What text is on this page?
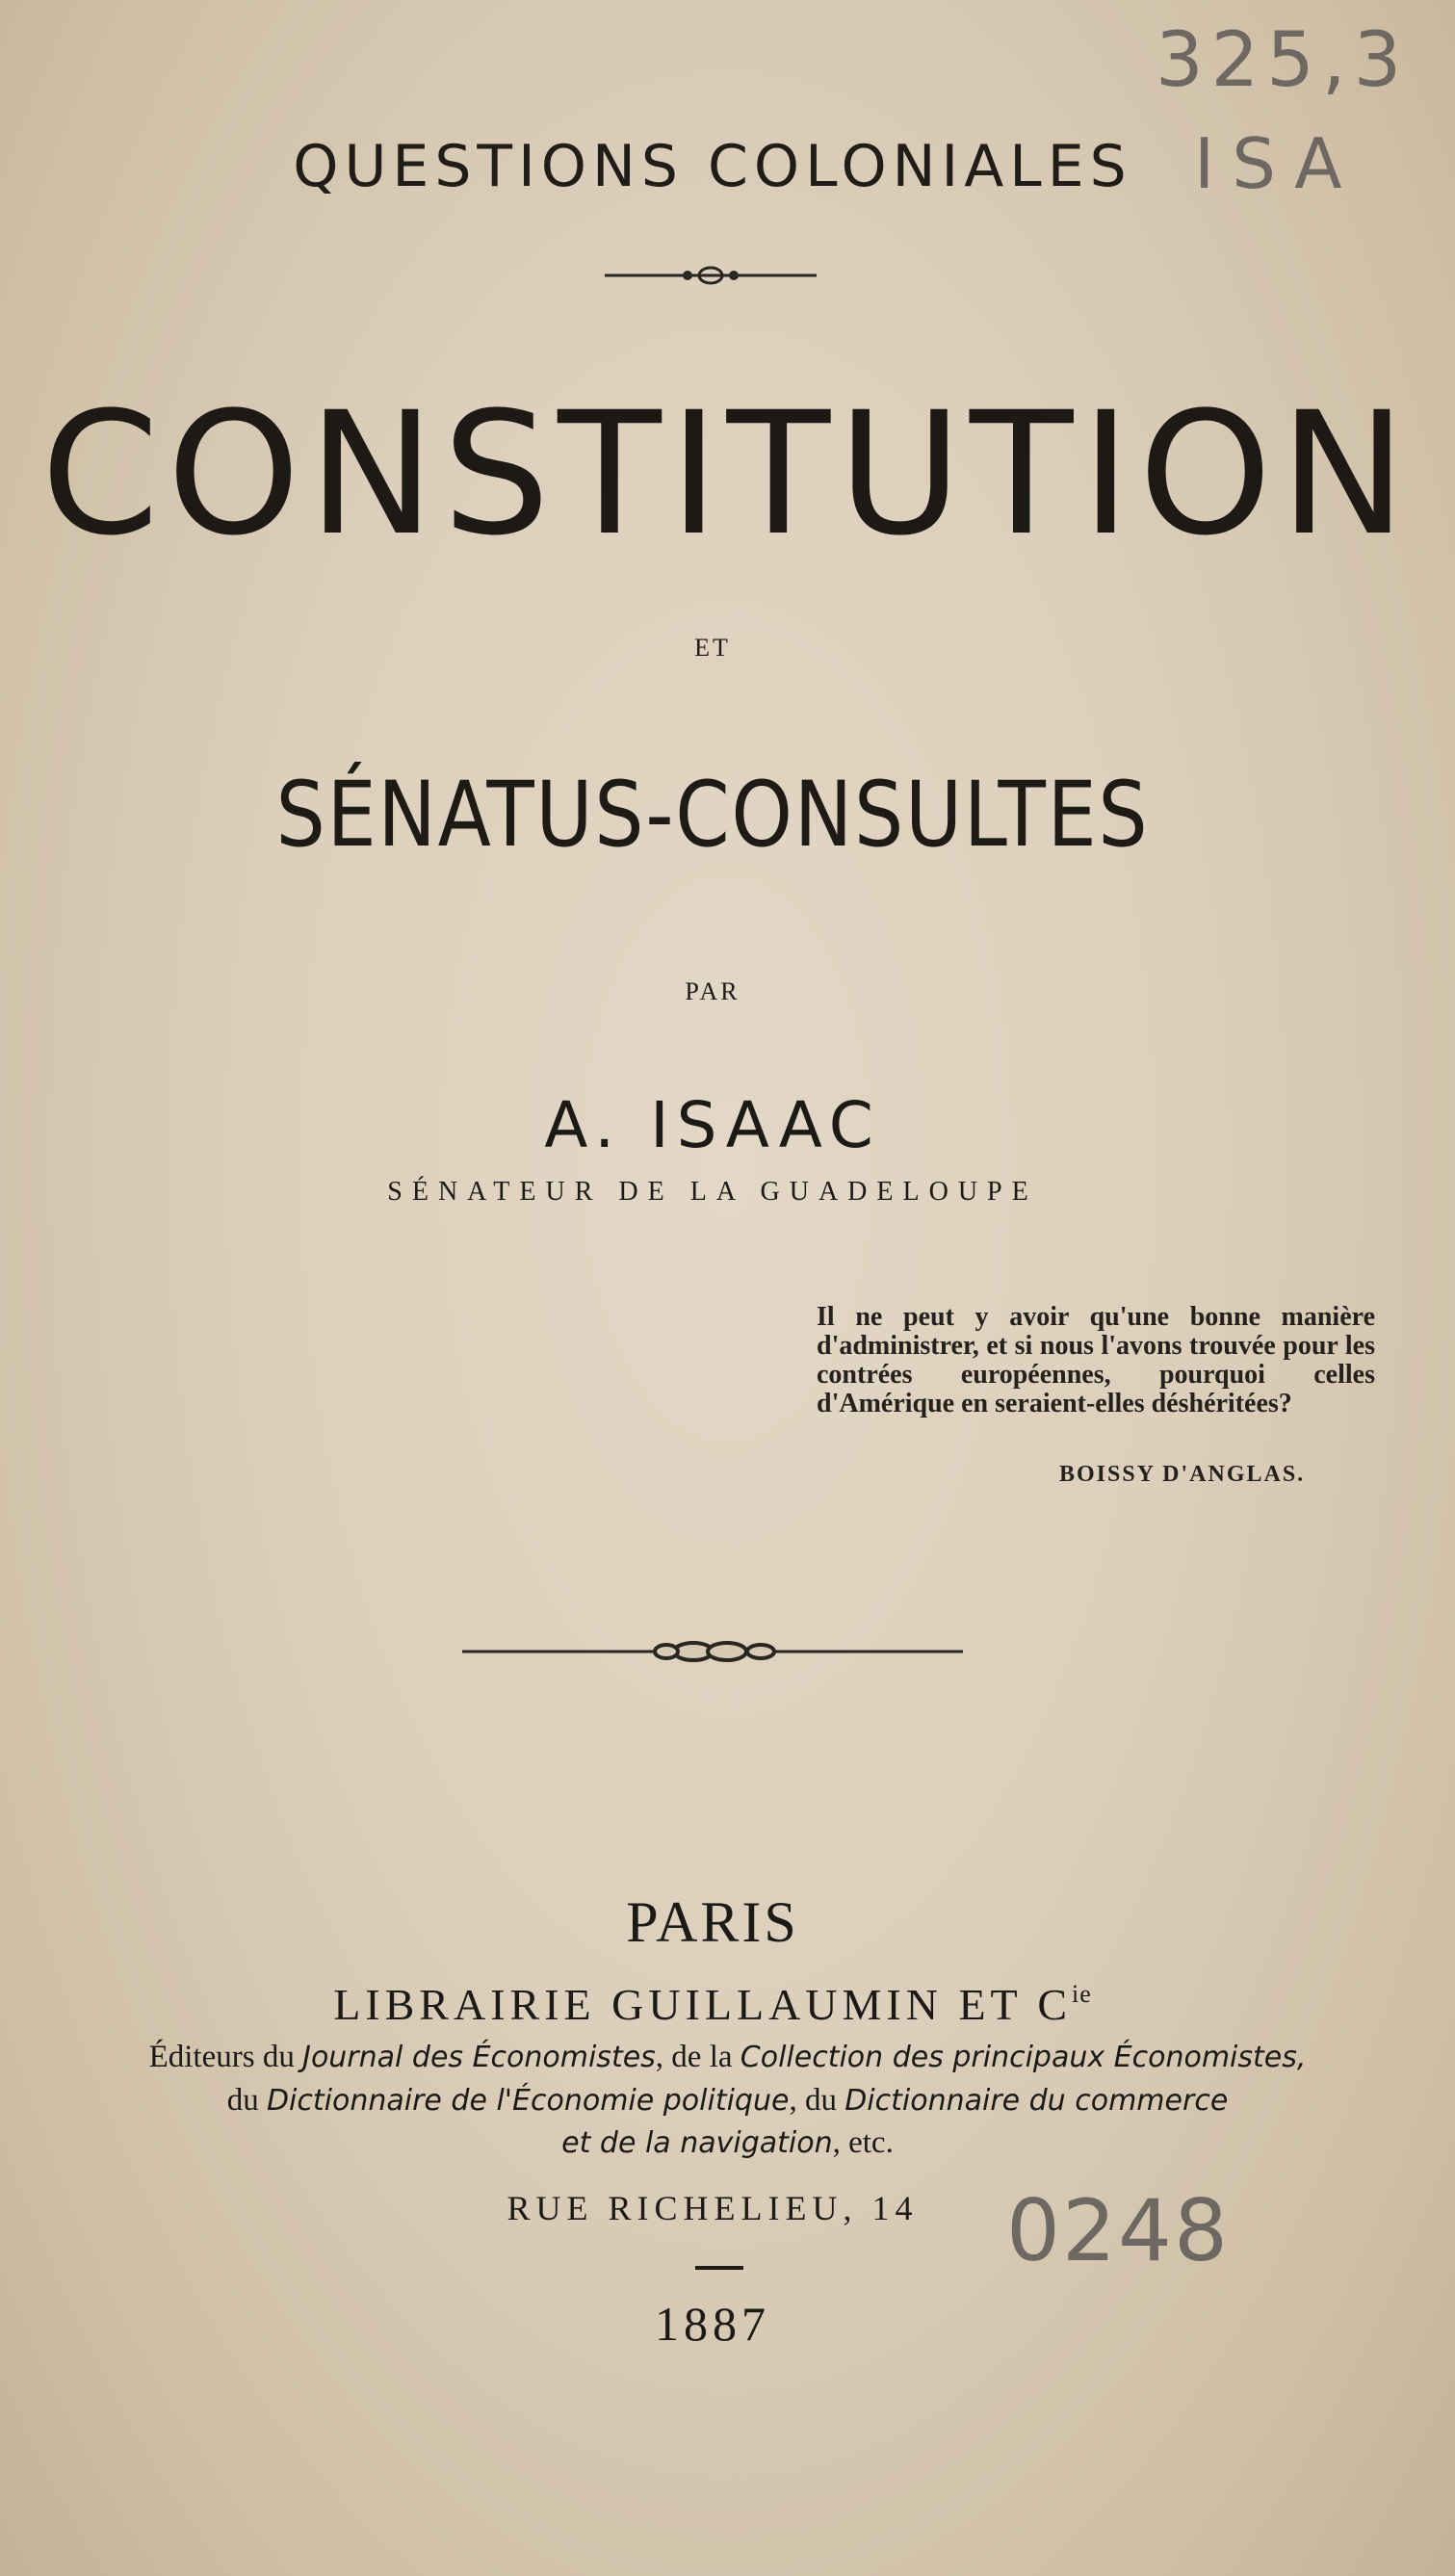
325,3
ISA
QUESTIONS COLONIALES
CONSTITUTION
ET
SÉNATUS-CONSULTES
PAR
A. ISAAC
SÉNATEUR DE LA GUADELOUPE
Il ne peut y avoir qu'une bonne manière d'administrer, et si nous l'avons trouvée pour les contrées européennes, pourquoi celles d'Amérique en seraient-elles déshéritées?
BOISSY D'ANGLAS.
PARIS
LIBRAIRIE GUILLAUMIN ET $C^{ie}$
Éditeurs du Journal des Économistes, de la Collection des principaux Économistes,
du Dictionnaire de l'Économie politique, du Dictionnaire du commerce
et de la navigation, etc.
RUE RICHELIEU, 14	0248
1887
